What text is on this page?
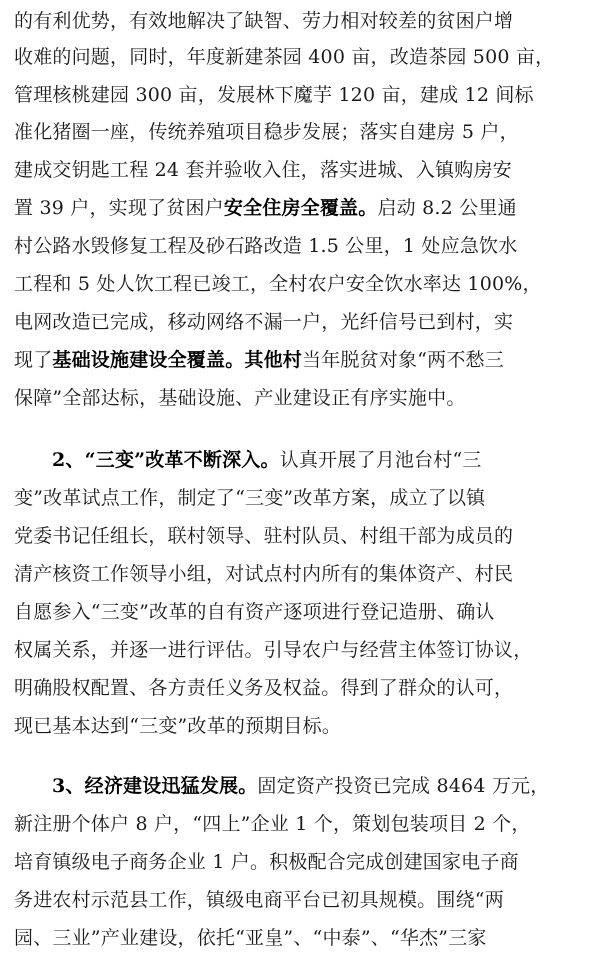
的有利优势，有效地解决了缺智、劳力相对较差的贫困户增
收难的问题，同时，年度新建茶园 400 亩，改造茶园 500 亩，
管理核桃建园 300 亩，发展林下魔芋 120 亩，建成 12 间标
准化猪圈一座，传统养殖项目稳步发展；落实自建房 5 户，
建成交钥匙工程 24 套并验收入住，落实进城、入镇购房安
置 39 户，实现了贫困户安全住房全覆盖。启动 8.2 公里通
村公路水毁修复工程及砂石路改造 1.5 公里，1 处应急饮水
工程和 5 处人饮工程已竣工，全村农户安全饮水率达 100%，
电网改造已完成，移动网络不漏一户，光纤信号已到村，实
现了基础设施建设全覆盖。其他村当年脱贫对象“两不愁三
保障”全部达标，基础设施、产业建设正有序实施中。
2、“三变”改革不断深入。认真开展了月池台村“三
变”改革试点工作，制定了“三变”改革方案，成立了以镇
党委书记任组长，联村领导、驻村队员、村组干部为成员的
清产核资工作领导小组，对试点村内所有的集体资产、村民
自愿参入“三变”改革的自有资产逐项进行登记造册、确认
权属关系，并逐一进行评估。引导农户与经营主体签订协议，
明确股权配置、各方责任义务及权益。得到了群众的认可，
现已基本达到“三变”改革的预期目标。
3、经济建设迅猛发展。固定资产投资已完成 8464 万元，
新注册个体户 8 户，“四上”企业 1 个，策划包装项目 2 个，
培育镇级电子商务企业 1 户。积极配合完成创建国家电子商
务进农村示范县工作，镇级电商平台已初具规模。围绕“两
园、三业”产业建设，依托“亚皇”、“中泰”、“华杰”三家
